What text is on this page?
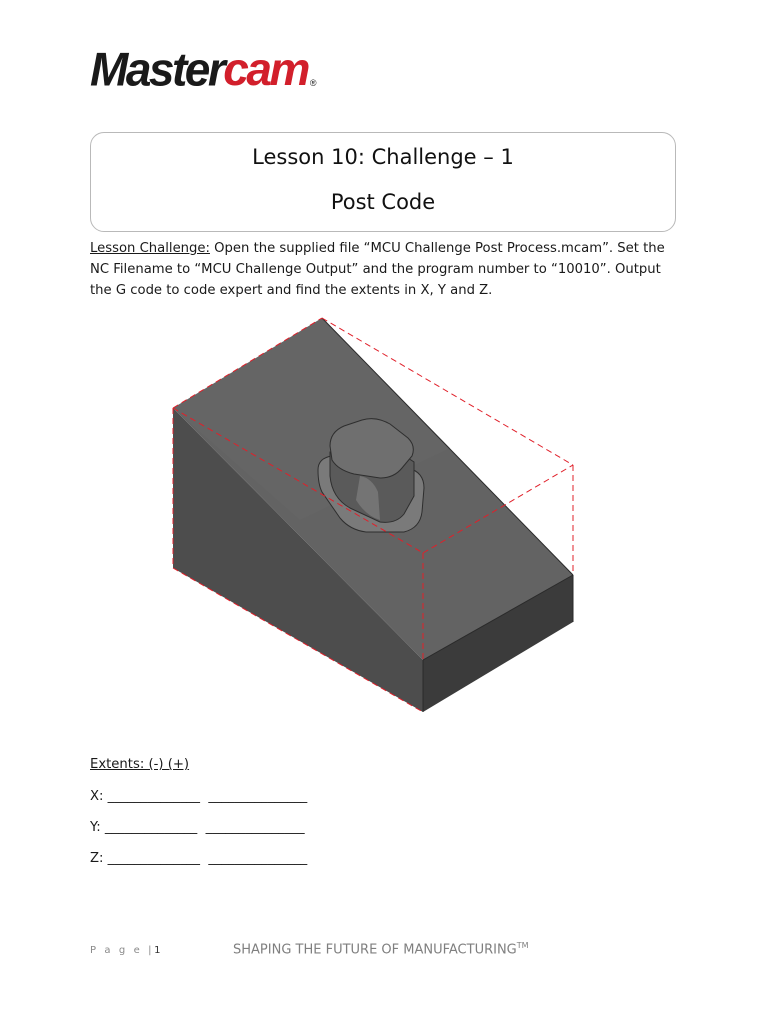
Master cam ®
Lesson 10: Challenge – 1
Post Code
Lesson Challenge: Open the supplied file “MCU Challenge Post Process.mcam”. Set the NC Filename to “MCU Challenge Output” and the program number to “10010”. Output the G code to code expert and find the extents in X, Y and Z.
Extents: (-) (+)
X: ______________  _______________
Y: ______________  _______________
Z: ______________  _______________
P a g e |1	SHAPING THE FUTURE OF MANUFACTURING™
